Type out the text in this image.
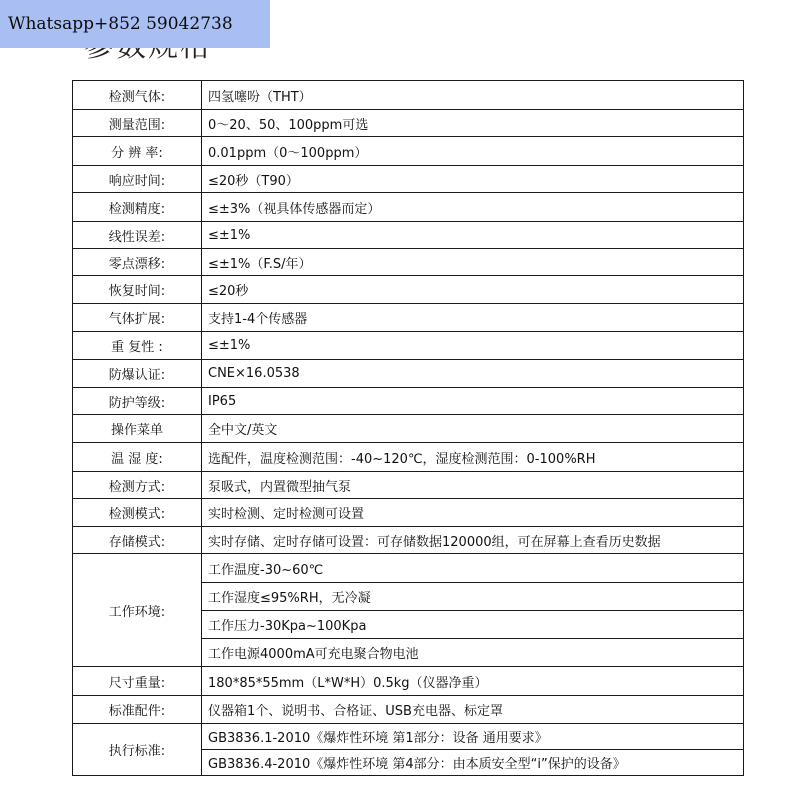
Whatsapp+852 59042738
检测气体:	四氢噻吩（THT）
测量范围:	0～20、50、100ppm可选
分 辨 率:	0.01ppm（0～100ppm）
响应时间:	≤20秒（T90）
检测精度:	≤±3%（视具体传感器而定）
线性误差:	≤±1%
零点漂移:	≤±1%（F.S/年）
恢复时间:	≤20秒
气体扩展:	支持1-4个传感器
重 复性 :	≤±1%
防爆认证:	CNE×16.0538
防护等级:	IP65
操作菜单	全中文/英文
温 湿 度:	选配件，温度检测范围：-40~120℃，湿度检测范围：0-100%RH
检测方式:	泵吸式，内置微型抽气泵
检测模式:	实时检测、定时检测可设置
存储模式:	实时存储、定时存储可设置：可存储数据120000组，可在屏幕上查看历史数据
工作环境:	工作温度-30~60℃
	工作湿度≤95%RH，无冷凝
	工作压力-30Kpa~100Kpa
	工作电源4000mA可充电聚合物电池
尺寸重量:	180*85*55mm（L*W*H）0.5kg（仪器净重）
标准配件:	仪器箱1个、说明书、合格证、USB充电器、标定罩
执行标准:	GB3836.1-2010《爆炸性环境 第1部分：设备 通用要求》
	GB3836.4-2010《爆炸性环境 第4部分：由本质安全型“i”保护的设备》
